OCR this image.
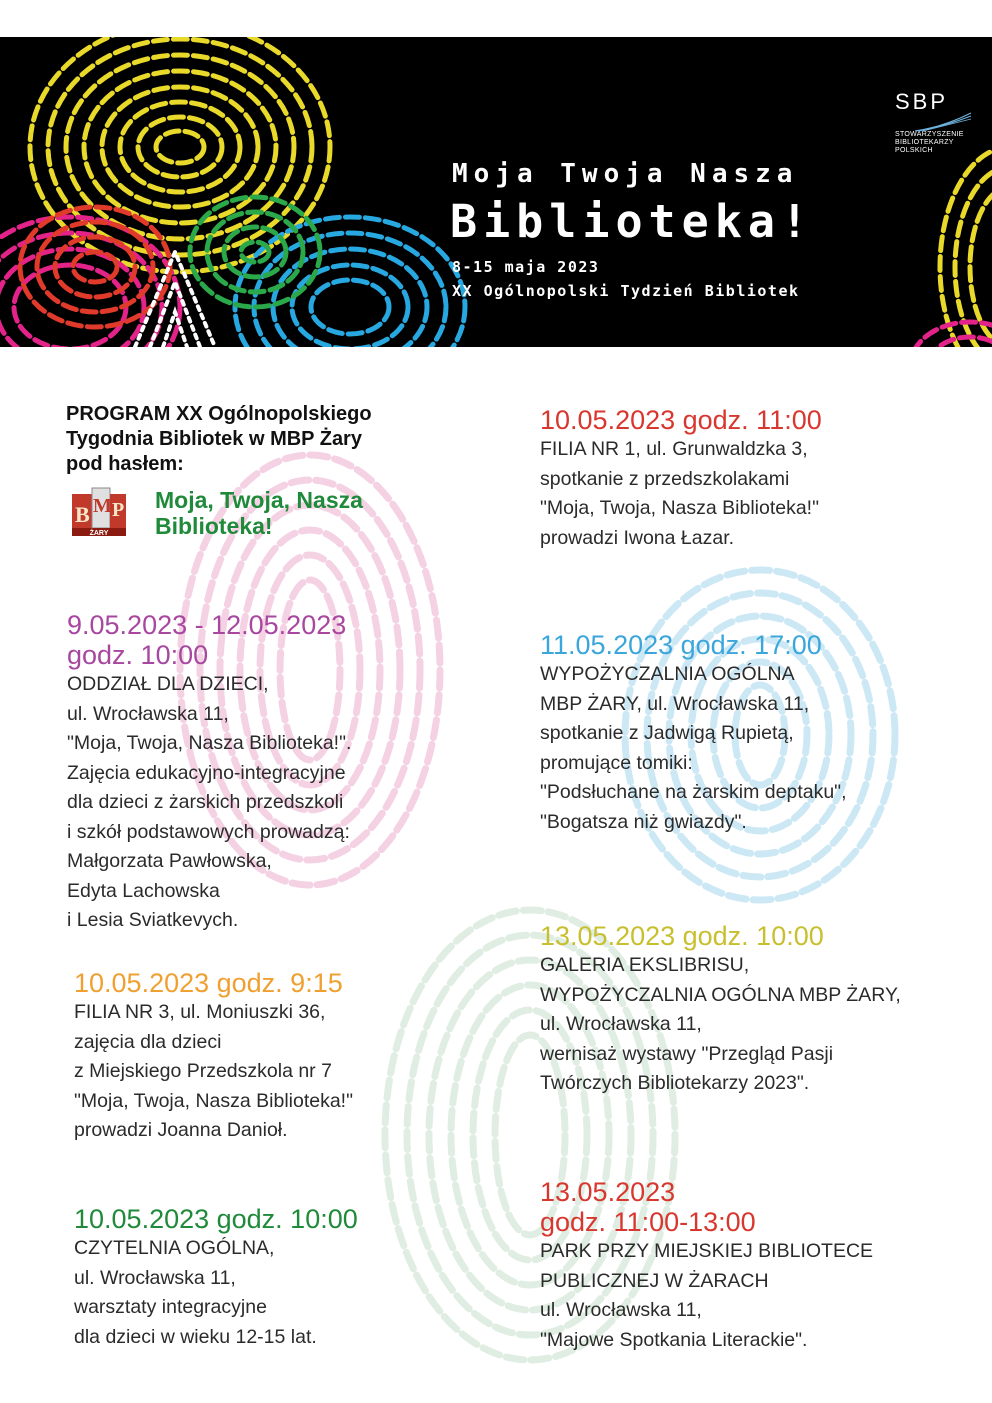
Moja Twoja Nasza
Biblioteka!
8-15 maja 2023
XX Ogólnopolski Tydzień Bibliotek
SBP
STOWARZYSZENIE
BIBLIOTEKARZY
POLSKICH
PROGRAM XX Ogólnopolskiego
Tygodnia Bibliotek w MBP Żary
pod hasłem:
B M P
ŻARY
Moja, Twoja, Nasza
Biblioteka!
9.05.2023 - 12.05.2023
godz. 10:00
ODDZIAŁ DLA DZIECI,
ul. Wrocławska 11,
"Moja, Twoja, Nasza Biblioteka!".
Zajęcia edukacyjno-integracyjne
dla dzieci z żarskich przedszkoli
i szkół podstawowych prowadzą:
Małgorzata Pawłowska,
Edyta Lachowska
i Lesia Sviatkevych.
10.05.2023 godz. 9:15
FILIA NR 3, ul. Moniuszki 36,
zajęcia dla dzieci
z Miejskiego Przedszkola nr 7
"Moja, Twoja, Nasza Biblioteka!"
prowadzi Joanna Danioł.
10.05.2023 godz. 10:00
CZYTELNIA OGÓLNA,
ul. Wrocławska 11,
warsztaty integracyjne
dla dzieci w wieku 12-15 lat.
10.05.2023 godz. 11:00
FILIA NR 1, ul. Grunwaldzka 3,
spotkanie z przedszkolakami
"Moja, Twoja, Nasza Biblioteka!"
prowadzi Iwona Łazar.
11.05.2023 godz. 17:00
WYPOŻYCZALNIA OGÓLNA
MBP ŻARY, ul. Wrocławska 11,
spotkanie z Jadwigą Rupietą,
promujące tomiki:
"Podsłuchane na żarskim deptaku",
"Bogatsza niż gwiazdy".
13.05.2023 godz. 10:00
GALERIA EKSLIBRISU,
WYPOŻYCZALNIA OGÓLNA MBP ŻARY,
ul. Wrocławska 11,
wernisaż wystawy "Przegląd Pasji
Twórczych Bibliotekarzy 2023".
13.05.2023
godz. 11:00-13:00
PARK PRZY MIEJSKIEJ BIBLIOTECE
PUBLICZNEJ W ŻARACH
ul. Wrocławska 11,
"Majowe Spotkania Literackie".
